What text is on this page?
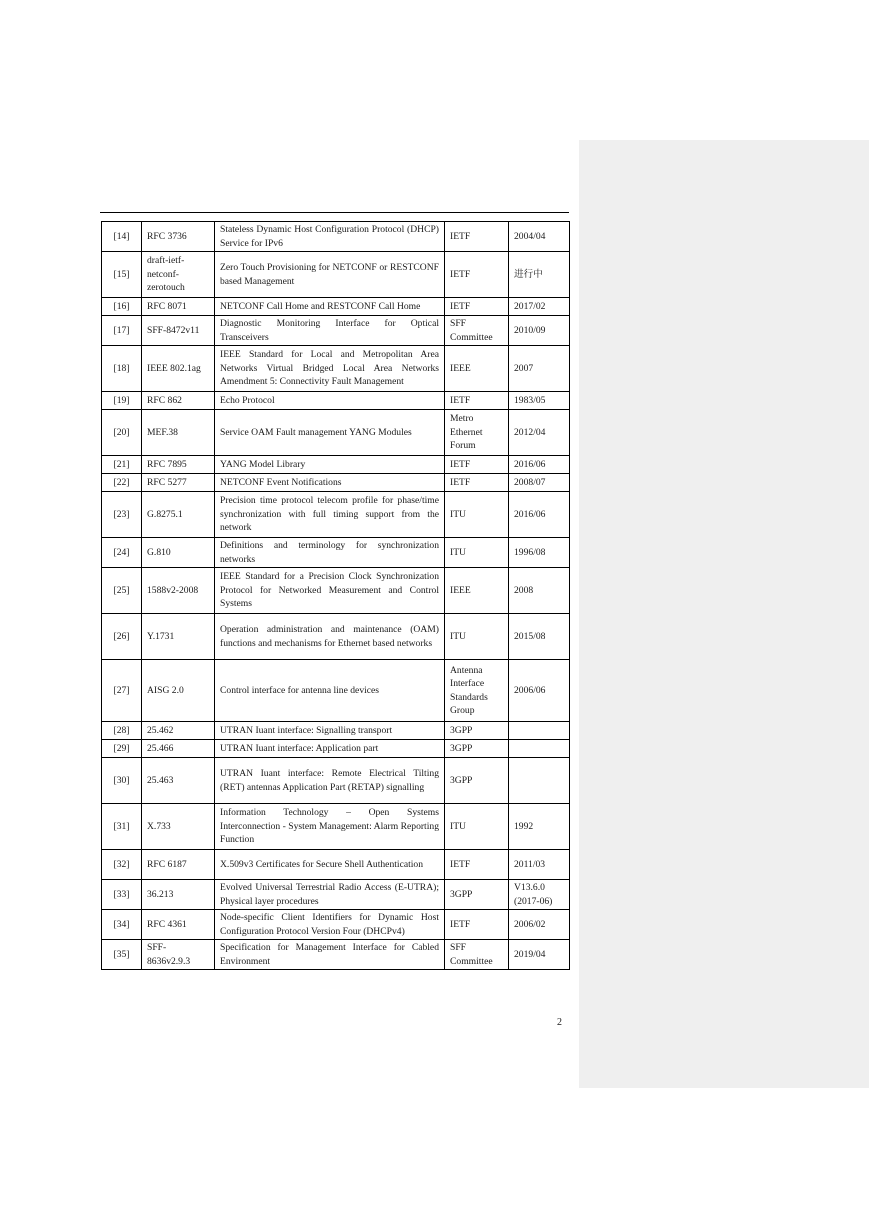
[14]	RFC 3736	Stateless Dynamic Host Configuration Protocol (DHCP) Service for IPv6	IETF	2004/04
[15]	draft-ietf-netconf-zerotouch	Zero Touch Provisioning for NETCONF or RESTCONF based Management	IETF	进行中
[16]	RFC 8071	NETCONF Call Home and RESTCONF Call Home	IETF	2017/02
[17]	SFF-8472v11	Diagnostic Monitoring Interface for Optical Transceivers	SFF Committee	2010/09
[18]	IEEE 802.1ag	IEEE Standard for Local and Metropolitan Area Networks Virtual Bridged Local Area Networks Amendment 5: Connectivity Fault Management	IEEE	2007
[19]	RFC 862	Echo Protocol	IETF	1983/05
[20]	MEF.38	Service OAM Fault management YANG Modules	Metro Ethernet Forum	2012/04
[21]	RFC 7895	YANG Model Library	IETF	2016/06
[22]	RFC 5277	NETCONF Event Notifications	IETF	2008/07
[23]	G.8275.1	Precision time protocol telecom profile for phase/time synchronization with full timing support from the network	ITU	2016/06
[24]	G.810	Definitions and terminology for synchronization networks	ITU	1996/08
[25]	1588v2-2008	IEEE Standard for a Precision Clock Synchronization Protocol for Networked Measurement and Control Systems	IEEE	2008
[26]	Y.1731	Operation administration and maintenance (OAM) functions and mechanisms for Ethernet based networks	ITU	2015/08
[27]	AISG 2.0	Control interface for antenna line devices	Antenna Interface Standards Group	2006/06
[28]	25.462	UTRAN Iuant interface: Signalling transport	3GPP	
[29]	25.466	UTRAN Iuant interface: Application part	3GPP	
[30]	25.463	UTRAN Iuant interface: Remote Electrical Tilting (RET) antennas Application Part (RETAP) signalling	3GPP	
[31]	X.733	Information Technology – Open Systems Interconnection - System Management: Alarm Reporting Function	ITU	1992
[32]	RFC 6187	X.509v3 Certificates for Secure Shell Authentication	IETF	2011/03
[33]	36.213	Evolved Universal Terrestrial Radio Access (E-UTRA); Physical layer procedures	3GPP	V13.6.0 (2017-06)
[34]	RFC 4361	Node-specific Client Identifiers for Dynamic Host Configuration Protocol Version Four (DHCPv4)	IETF	2006/02
[35]	SFF-8636v2.9.3	Specification for Management Interface for Cabled Environment	SFF Committee	2019/04
2
